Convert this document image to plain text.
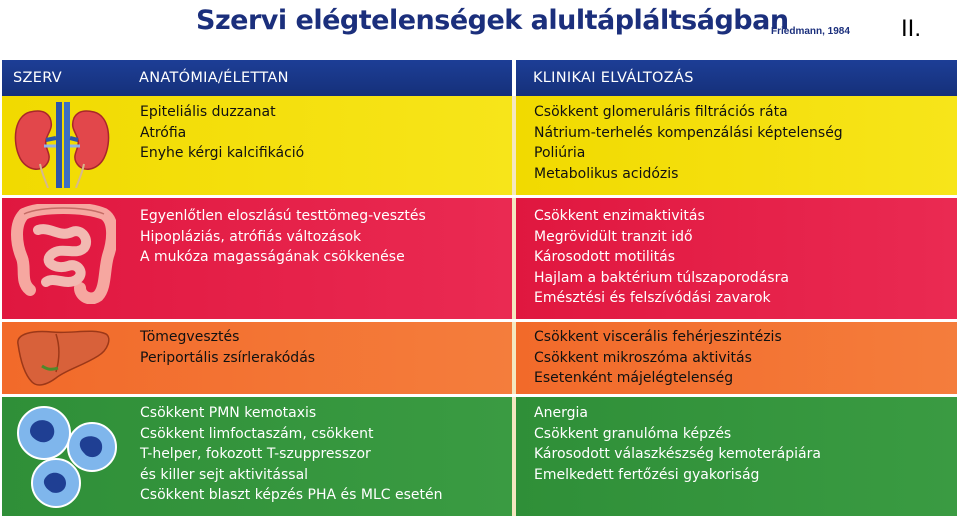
Szervi elégtelenségek alultápláltságban
Friedmann, 1984 II.
SZERV	ANATÓMIA/ÉLETTAN	KLINIKAI ELVÁLTOZÁS
Epiteliális duzzanat
Atrófia
Enyhe kérgi kalcifikáció
Csökkent glomeruláris filtrációs ráta
Nátrium-terhelés kompenzálási képtelenség
Poliúria
Metabolikus acidózis
Egyenlőtlen eloszlású testtömeg-vesztés
Hipopláziás, atrófiás változások
A mukóza magasságának csökkenése
Csökkent enzimaktivitás
Megrövidült tranzit idő
Károsodott motilitás
Hajlam a baktérium túlszaporodásra
Emésztési és felszívódási zavarok
Tömegvesztés
Periportális zsírlerakódás
Csökkent viscerális fehérjeszintézis
Csökkent mikroszóma aktivitás
Esetenként májelégtelenség
Csökkent PMN kemotaxis
Csökkent limfoctaszám, csökkent
T-helper, fokozott T-szuppresszor
és killer sejt aktivitással
Csökkent blaszt képzés PHA és MLC esetén
Anergia
Csökkent granulóma képzés
Károsodott válaszkészség kemoterápiára
Emelkedett fertőzési gyakoriság
